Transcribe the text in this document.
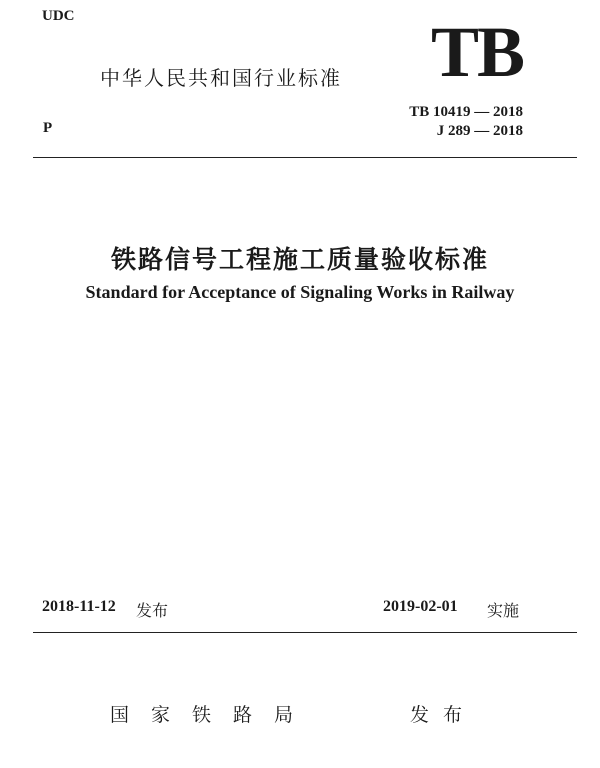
UDC
中华人民共和国行业标准 TB
P
TB 10419 — 2018
J 289 — 2018
铁路信号工程施工质量验收标准
Standard for Acceptance of Signaling Works in Railway
2018-11-12 发布	2019-02-01 实施
国家铁路局	发布
